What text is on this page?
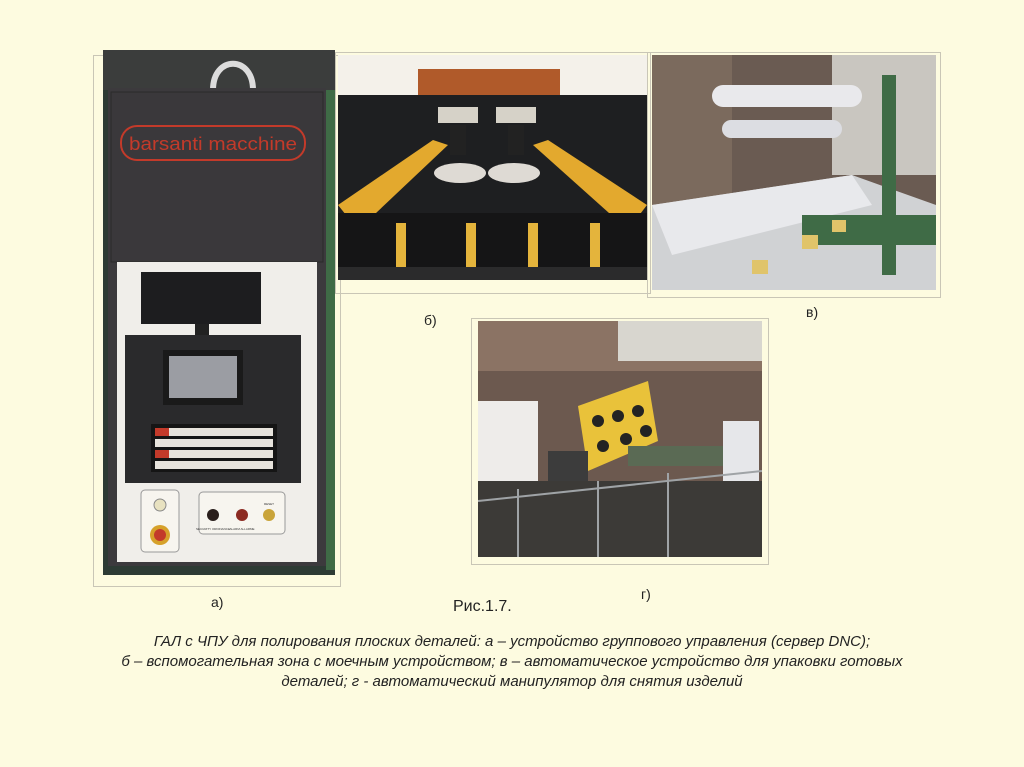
barsanti macchine
SECURITY ORDINANCE ALARM ALLARME
RESET
а)
б)	в)
г)
Рис.1.7.
ГАЛ с ЧПУ для полирования плоских деталей: а – устройство группового управления (сервер DNC);
б – вспомогательная зона с моечным устройством; в – автоматическое устройство для упаковки готовых
деталей; г - автоматический манипулятор для снятия изделий
